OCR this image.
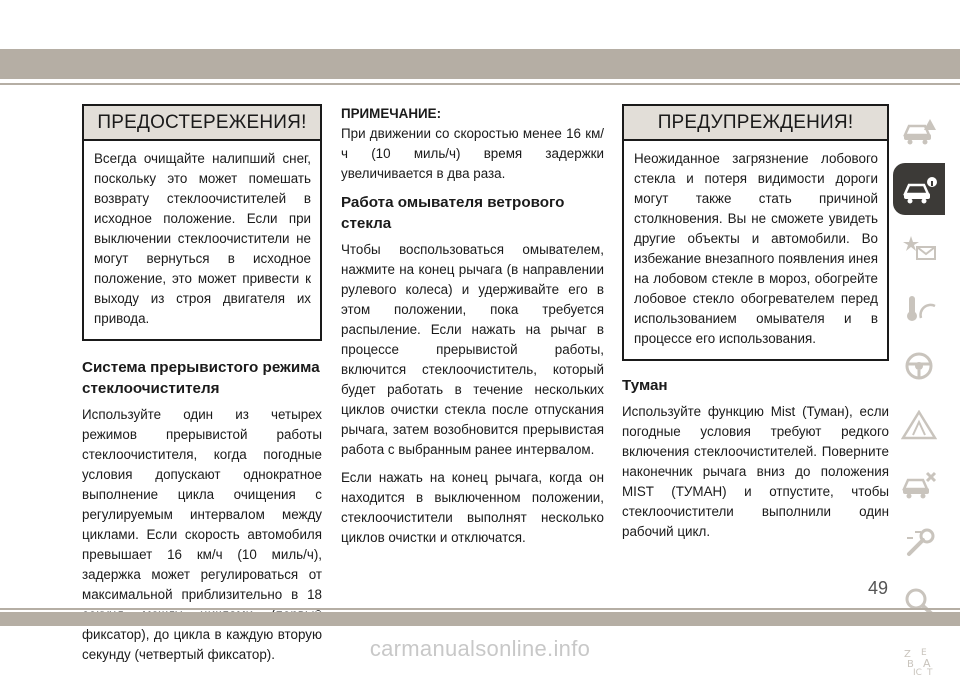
ПРЕДОСТЕРЕЖЕНИЯ!
Всегда очищайте налипший снег, поскольку это может помешать возврату стеклоочистителей в исходное положение. Если при выключении стеклоочистители не могут вернуться в исходное положение, это может привести к выходу из строя двигателя их привода.
Система прерывистого режима стеклоочистителя

Используйте один из четырех режимов прерывистой работы стеклоочистителя, когда погодные условия допускают однократное выполнение цикла очищения с регулируемым интервалом между циклами. Если скорость автомобиля превышает 16 км/ч (10 миль/ч), задержка может регулироваться от максимальной приблизительно в 18 фиксатор), до цикла в каждую вторую секунду (четвертый фиксатор).

ПРИМЕЧАНИЕ:

При движении со скоростью менее 16 км/ч (10 миль/ч) время задержки увеличивается в два раза.

Работа омывателя ветрового стекла

Чтобы воспользоваться омывателем, нажмите на конец рычага (в направлении рулевого колеса) и удерживайте его в этом положении, пока требуется распыление. Если нажать на рычаг в процессе прерывистой работы, включится стеклоочиститель, который будет работать в течение нескольких циклов очистки стекла после отпускания рычага, затем возобновится прерывистая работа с выбранным ранее интервалом.

Если нажать на конец рычага, когда он находится в выключенном положении, стеклоочистители выполнят несколько циклов очистки и отключатся.

ПРЕДУПРЕЖДЕНИЯ!
Неожиданное загрязнение лобового стекла и потеря видимости дороги могут также стать причиной столкновения. Вы не сможете увидеть другие объекты и автомобили. Во избежание внезапного появления инея на лобовом стекле в мороз, обогрейте лобовое стекло обогревателем перед использованием омывателя и в процессе его использования.
Туман

Используйте функцию Mist (Туман), если погодные условия требуют редкого включения стеклоочистителей. Поверните наконечник рычага вниз до положения MIST (ТУМАН) и отпустите, чтобы стеклоочистители выполнили один рабочий цикл.

Z E
B A
IC T
49
carmanualsonline.info
